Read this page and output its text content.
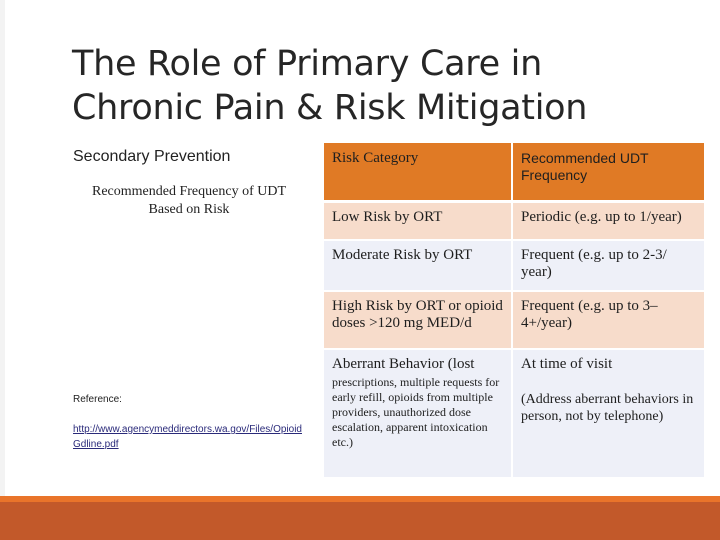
The Role of Primary Care in Chronic Pain & Risk Mitigation
Secondary Prevention
Recommended Frequency of UDT Based on Risk
Reference:
http://www.agencymeddirectors.wa.gov/Files/OpioidGdline.pdf
Risk Category	Recommended UDT Frequency
Low Risk by ORT	Periodic (e.g. up to 1/year)
Moderate Risk by ORT	Frequent (e.g. up to 2-3/ year)
High Risk by ORT or opioid doses >120 mg MED/d	Frequent (e.g. up to 3–4+/year)
Aberrant Behavior (lost
prescriptions, multiple requests for early refill, opioids from multiple providers, unauthorized dose escalation, apparent intoxication etc.)	At time of visit
(Address aberrant behaviors in person, not by telephone)
